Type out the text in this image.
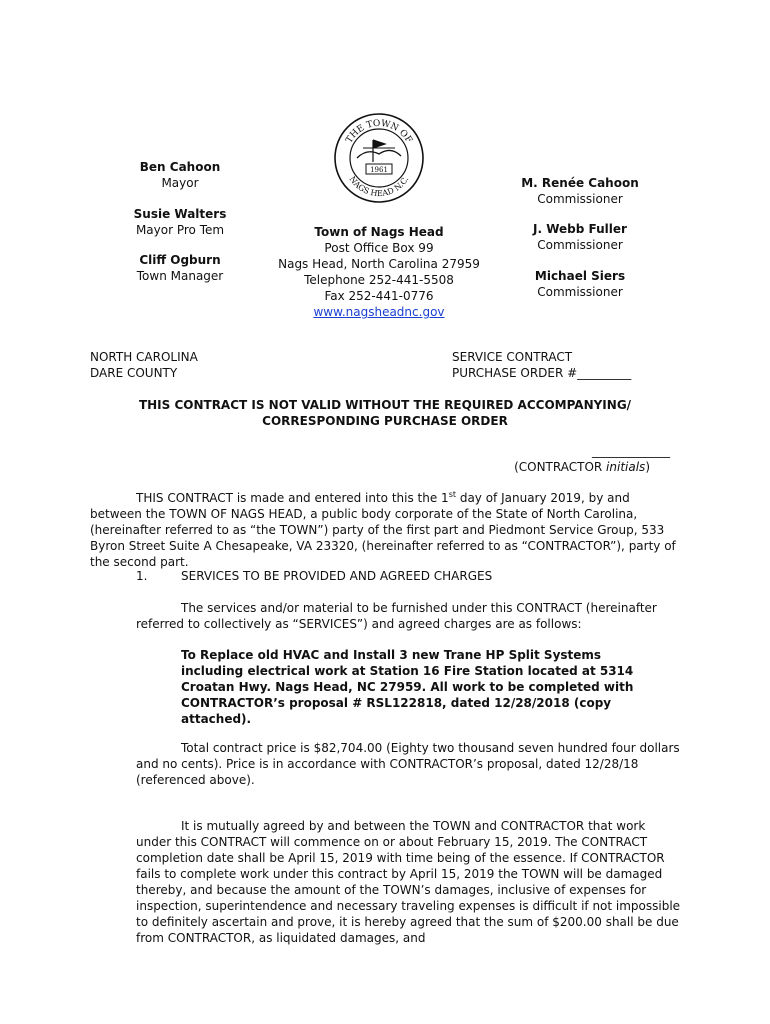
THE TOWN OF
NAGS HEAD N.C.
1961
Ben Cahoon
Mayor
Susie Walters
Mayor Pro Tem
Cliff Ogburn
Town Manager
M. Renée Cahoon
Commissioner
J. Webb Fuller
Commissioner
Michael Siers
Commissioner
Town of Nags Head
Post Office Box 99
Nags Head, North Carolina 27959
Telephone 252-441-5508
Fax 252-441-0776
www.nagsheadnc.gov
NORTH CAROLINA
DARE COUNTY
SERVICE CONTRACT
PURCHASE ORDER #_________
THIS CONTRACT IS NOT VALID WITHOUT THE REQUIRED ACCOMPANYING/
CORRESPONDING PURCHASE ORDER
_____________
(CONTRACTOR initials)
THIS CONTRACT is made and entered into this the 1st day of January 2019, by and between the TOWN OF NAGS HEAD, a public body corporate of the State of North Carolina, (hereinafter referred to as “the TOWN”) party of the first part and Piedmont Service Group, 533 Byron Street Suite A Chesapeake, VA 23320, (hereinafter referred to as “CONTRACTOR”), party of the second part.
1.	SERVICES TO BE PROVIDED AND AGREED CHARGES
The services and/or material to be furnished under this CONTRACT (hereinafter referred to collectively as “SERVICES”) and agreed charges are as follows:
To Replace old HVAC and Install 3 new Trane HP Split Systems including electrical work at Station 16 Fire Station located at 5314 Croatan Hwy. Nags Head, NC 27959. All work to be completed with CONTRACTOR’s proposal # RSL122818, dated 12/28/2018 (copy attached).
Total contract price is $82,704.00 (Eighty two thousand seven hundred four dollars and no cents). Price is in accordance with CONTRACTOR’s proposal, dated 12/28/18 (referenced above).
It is mutually agreed by and between the TOWN and CONTRACTOR that work under this CONTRACT will commence on or about February 15, 2019. The CONTRACT completion date shall be April 15, 2019 with time being of the essence. If CONTRACTOR fails to complete work under this contract by April 15, 2019 the TOWN will be damaged thereby, and because the amount of the TOWN’s damages, inclusive of expenses for inspection, superintendence and necessary traveling expenses is difficult if not impossible to definitely ascertain and prove, it is hereby agreed that the sum of $200.00 shall be due from CONTRACTOR, as liquidated damages, and
